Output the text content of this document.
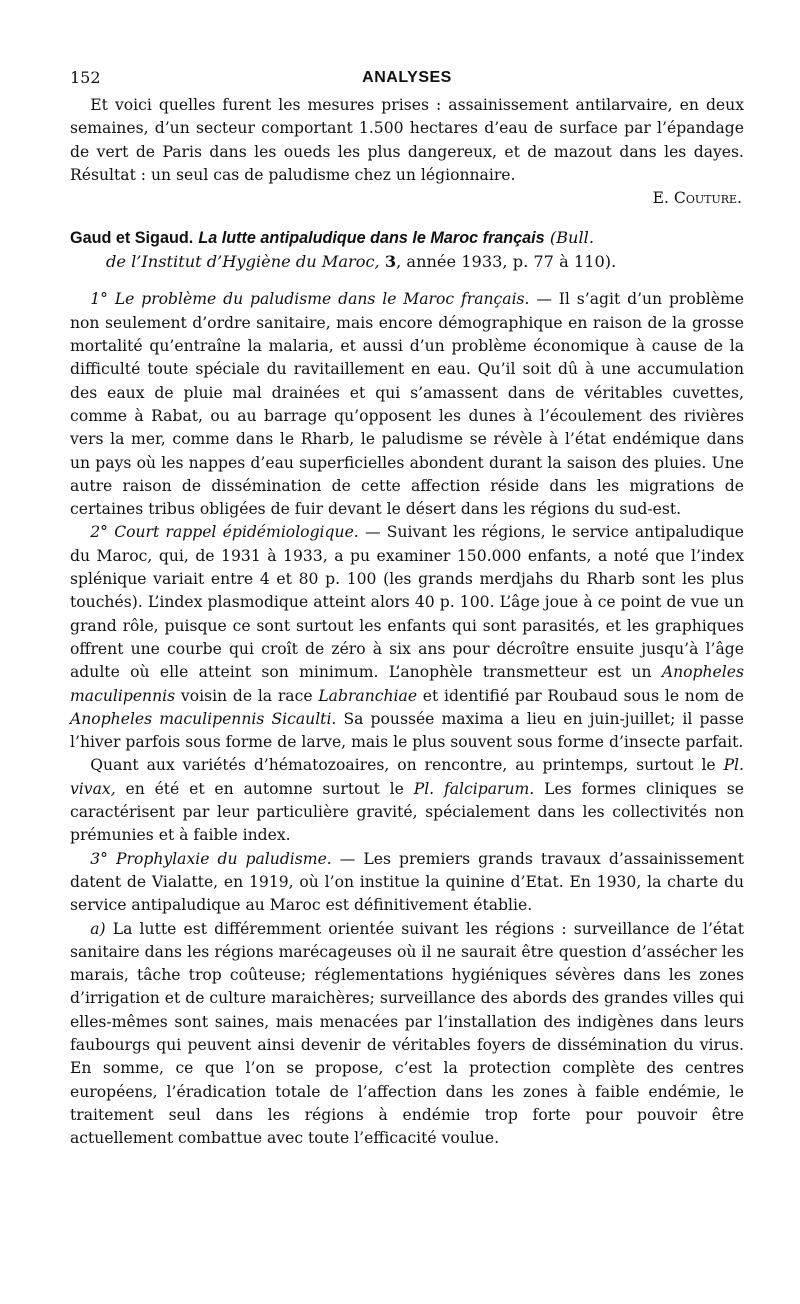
152	ANALYSES

Et voici quelles furent les mesures prises : assainissement antilarvaire, en deux semaines, d’un secteur comportant 1.500 hectares d’eau de surface par l’épandage de vert de Paris dans les oueds les plus dangereux, et de mazout dans les dayes. Résultat : un seul cas de paludisme chez un légionnaire.

E. Couture.
Gaud et Sigaud. La lutte antipaludique dans le Maroc français (Bull.
de l’Institut d’Hygiène du Maroc, 3, année 1933, p. 77 à 110).

1° Le problème du paludisme dans le Maroc français. — Il s’agit d’un problème non seulement d’ordre sanitaire, mais encore démographique en raison de la grosse mortalité qu’entraîne la malaria, et aussi d’un problème économique à cause de la difficulté toute spéciale du ravitaillement en eau. Qu’il soit dû à une accumulation des eaux de pluie mal drainées et qui s’amassent dans de véritables cuvettes, comme à Rabat, ou au barrage qu’opposent les dunes à l’écoulement des rivières vers la mer, comme dans le Rharb, le paludisme se révèle à l’état endémique dans un pays où les nappes d’eau superficielles abondent durant la saison des pluies. Une autre raison de dissémination de cette affection réside dans les migrations de certaines tribus obligées de fuir devant le désert dans les régions du sud-est.

2° Court rappel épidémiologique. — Suivant les régions, le service antipaludique du Maroc, qui, de 1931 à 1933, a pu examiner 150.000 enfants, a noté que l’index splénique variait entre 4 et 80 p. 100 (les grands merdjahs du Rharb sont les plus touchés). L’index plasmodique atteint alors 40 p. 100. L’âge joue à ce point de vue un grand rôle, puisque ce sont surtout les enfants qui sont parasités, et les graphiques offrent une courbe qui croît de zéro à six ans pour décroître ensuite jusqu’à l’âge adulte où elle atteint son minimum. L’anophèle transmetteur est un Anopheles maculipennis voisin de la race Labranchiae et identifié par Roubaud sous le nom de Anopheles maculipennis Sicaulti. Sa poussée maxima a lieu en juin-juillet; il passe l’hiver parfois sous forme de larve, mais le plus souvent sous forme d’insecte parfait.

Quant aux variétés d’hématozoaires, on rencontre, au printemps, surtout le Pl. vivax, en été et en automne surtout le Pl. falciparum. Les formes cliniques se caractérisent par leur particulière gravité, spécialement dans les collectivités non prémunies et à faible index.

3° Prophylaxie du paludisme. — Les premiers grands travaux d’assainissement datent de Vialatte, en 1919, où l’on institue la quinine d’Etat. En 1930, la charte du service antipaludique au Maroc est définitivement établie.

a) La lutte est différemment orientée suivant les régions : surveillance de l’état sanitaire dans les régions marécageuses où il ne saurait être question d’assécher les marais, tâche trop coûteuse; réglementations hygiéniques sévères dans les zones d’irrigation et de culture maraichères; surveillance des abords des grandes villes qui elles-mêmes sont saines, mais menacées par l’installation des indigènes dans leurs faubourgs qui peuvent ainsi devenir de véritables foyers de dissémination du virus. En somme, ce que l’on se propose, c’est la protection complète des centres européens, l’éradication totale de l’affection dans les zones à faible endémie, le traitement seul dans les régions à endémie trop forte pour pouvoir être actuellement combattue avec toute l’efficacité voulue.
